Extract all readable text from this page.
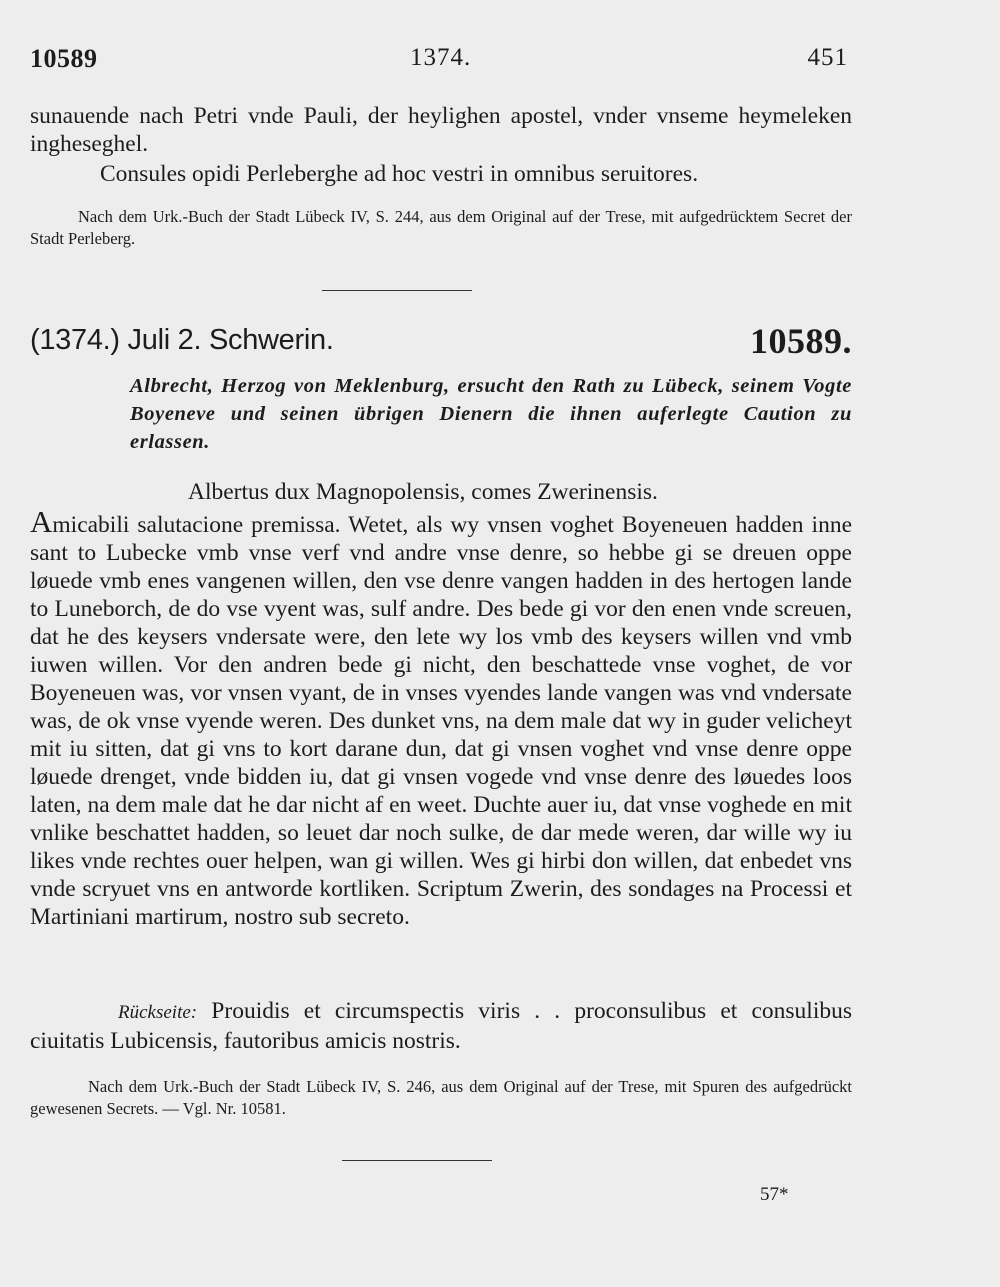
10589	1374.	451
sunauende nach Petri vnde Pauli, der heylighen apostel, vnder vnseme heymeleken inghesеghel.
Consules opidi Perleberghe ad hoc vestri in omnibus seruitores.
Nach dem Urk.-Buch der Stadt Lübeck IV, S. 244, aus dem Original auf der Trese, mit aufgedrücktem Secret der Stadt Perleberg.
(1374.) Juli 2. Schwerin.	10589.
Albrecht, Herzog von Meklenburg, ersucht den Rath zu Lübeck, seinem Vogte Boyeneve und seinen übrigen Dienern die ihnen auferlegte Caution zu erlassen.
Albertus dux Magnopolensis, comes Zwerinensis.
Amicabili salutacione premissa. Wetet, als wy vnsen voghet Boyeneuen hadden inne sant to Lubecke vmb vnse verf vnd andre vnse denre, so hebbe gi se dreuen oppe løuede vmb enes vangenen willen, den vse denre vangen hadden in des hertogen lande to Luneborch, de do vse vyent was, sulf andre. Des bede gi vor den enen vnde screuen, dat he des keysers vndersate were, den lete wy los vmb des keysers willen vnd vmb iuwen willen. Vor den andren bede gi nicht, den beschattede vnse voghet, de vor Boyeneuen was, vor vnsen vyant, de in vnses vyendes lande vangen was vnd vndersate was, de ok vnse vyende weren. Des dunket vns, na dem male dat wy in guder velicheyt mit iu sitten, dat gi vns to kort darane dun, dat gi vnsen voghet vnd vnse denre oppe løuede drenget, vnde bidden iu, dat gi vnsen vogede vnd vnse denre des løuedes loos laten, na dem male dat he dar nicht af en weet. Duchte auer iu, dat vnse voghede en mit vnlike beschattet hadden, so leuet dar noch sulke, de dar mede weren, dar wille wy iu likes vnde rechtes ouer helpen, wan gi willen. Wes gi hirbi don willen, dat enbedet vns vnde scryuet vns en antworde kortliken. Scriptum Zwerin, des sondages na Processi et Martiniani martirum, nostro sub secreto.
Rückseite: Prouidis et circumspectis viris . . proconsulibus et consulibus ciuitatis Lubicensis, fautoribus amicis nostris.
Nach dem Urk.-Buch der Stadt Lübeck IV, S. 246, aus dem Original auf der Trese, mit Spuren des aufgedrückt gewesenen Secrets. — Vgl. Nr. 10581.
57*
